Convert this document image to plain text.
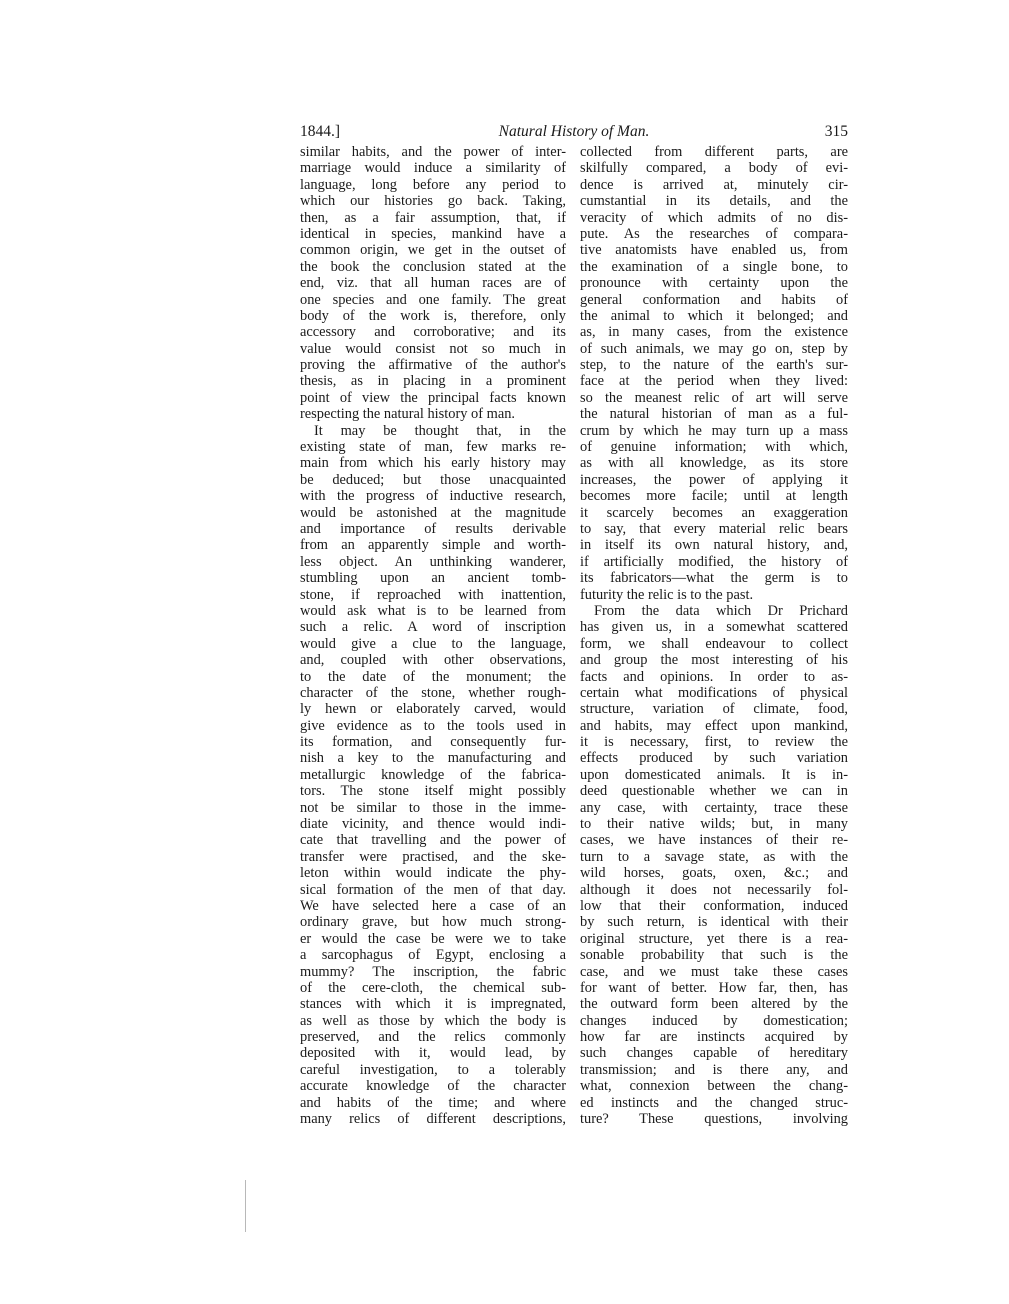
1844.]	Natural History of Man.	315
similar habits, and the power of inter-
marriage would induce a similarity of
language, long before any period to
which our histories go back. Taking,
then, as a fair assumption, that, if
identical in species, mankind have a
common origin, we get in the outset of
the book the conclusion stated at the
end, viz. that all human races are of
one species and one family. The great
body of the work is, therefore, only
accessory and corroborative; and its
value would consist not so much in
proving the affirmative of the author's
thesis, as in placing in a prominent
point of view the principal facts known
respecting the natural history of man.
It may be thought that, in the
existing state of man, few marks re-
main from which his early history may
be deduced; but those unacquainted
with the progress of inductive research,
would be astonished at the magnitude
and importance of results derivable
from an apparently simple and worth-
less object. An unthinking wanderer,
stumbling upon an ancient tomb-
stone, if reproached with inattention,
would ask what is to be learned from
such a relic. A word of inscription
would give a clue to the language,
and, coupled with other observations,
to the date of the monument; the
character of the stone, whether rough-
ly hewn or elaborately carved, would
give evidence as to the tools used in
its formation, and consequently fur-
nish a key to the manufacturing and
metallurgic knowledge of the fabrica-
tors. The stone itself might possibly
not be similar to those in the imme-
diate vicinity, and thence would indi-
cate that travelling and the power of
transfer were practised, and the ske-
leton within would indicate the phy-
sical formation of the men of that day.
We have selected here a case of an
ordinary grave, but how much strong-
er would the case be were we to take
a sarcophagus of Egypt, enclosing a
mummy? The inscription, the fabric
of the cere-cloth, the chemical sub-
stances with which it is impregnated,
as well as those by which the body is
preserved, and the relics commonly
deposited with it, would lead, by
careful investigation, to a tolerably
accurate knowledge of the character
and habits of the time; and where
many relics of different descriptions,
collected from different parts, are
skilfully compared, a body of evi-
dence is arrived at, minutely cir-
cumstantial in its details, and the
veracity of which admits of no dis-
pute. As the researches of compara-
tive anatomists have enabled us, from
the examination of a single bone, to
pronounce with certainty upon the
general conformation and habits of
the animal to which it belonged; and
as, in many cases, from the existence
of such animals, we may go on, step by
step, to the nature of the earth's sur-
face at the period when they lived:
so the meanest relic of art will serve
the natural historian of man as a ful-
crum by which he may turn up a mass
of genuine information; with which,
as with all knowledge, as its store
increases, the power of applying it
becomes more facile; until at length
it scarcely becomes an exaggeration
to say, that every material relic bears
in itself its own natural history, and,
if artificially modified, the history of
its fabricators—what the germ is to
futurity the relic is to the past.
From the data which Dr Prichard
has given us, in a somewhat scattered
form, we shall endeavour to collect
and group the most interesting of his
facts and opinions. In order to as-
certain what modifications of physical
structure, variation of climate, food,
and habits, may effect upon mankind,
it is necessary, first, to review the
effects produced by such variation
upon domesticated animals. It is in-
deed questionable whether we can in
any case, with certainty, trace these
to their native wilds; but, in many
cases, we have instances of their re-
turn to a savage state, as with the
wild horses, goats, oxen, &c.; and
although it does not necessarily fol-
low that their conformation, induced
by such return, is identical with their
original structure, yet there is a rea-
sonable probability that such is the
case, and we must take these cases
for want of better. How far, then, has
the outward form been altered by the
changes induced by domestication;
how far are instincts acquired by
such changes capable of hereditary
transmission; and is there any, and
what, connexion between the chang-
ed instincts and the changed struc-
ture? These questions, involving
